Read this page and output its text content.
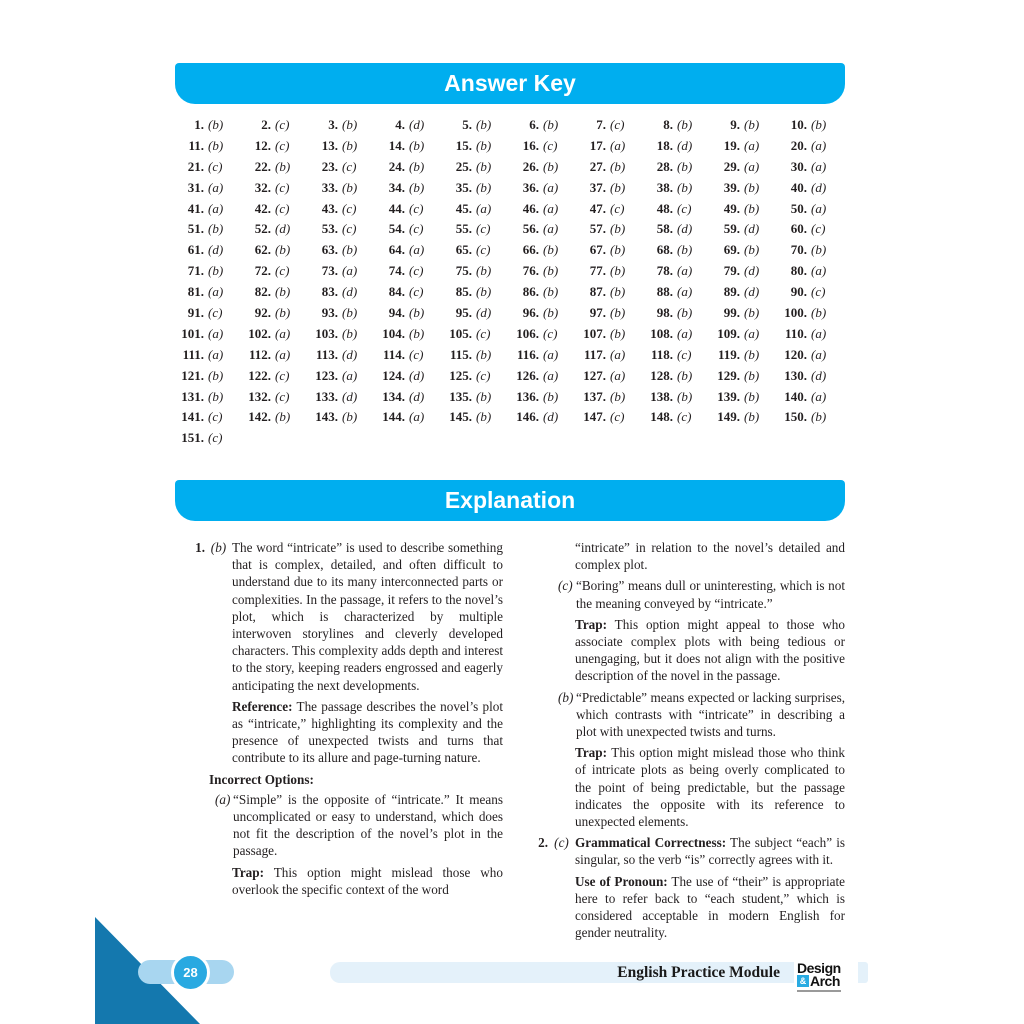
Answer Key
1. (b)	2. (c)	3. (b)	4. (d)	5. (b)	6. (b)	7. (c)	8. (b)	9. (b)	10. (b)
11. (b)	12. (c)	13. (b)	14. (b)	15. (b)	16. (c)	17. (a)	18. (d)	19. (a)	20. (a)
21. (c)	22. (b)	23. (c)	24. (b)	25. (b)	26. (b)	27. (b)	28. (b)	29. (a)	30. (a)
31. (a)	32. (c)	33. (b)	34. (b)	35. (b)	36. (a)	37. (b)	38. (b)	39. (b)	40. (d)
41. (a)	42. (c)	43. (c)	44. (c)	45. (a)	46. (a)	47. (c)	48. (c)	49. (b)	50. (a)
51. (b)	52. (d)	53. (c)	54. (c)	55. (c)	56. (a)	57. (b)	58. (d)	59. (d)	60. (c)
61. (d)	62. (b)	63. (b)	64. (a)	65. (c)	66. (b)	67. (b)	68. (b)	69. (b)	70. (b)
71. (b)	72. (c)	73. (a)	74. (c)	75. (b)	76. (b)	77. (b)	78. (a)	79. (d)	80. (a)
81. (a)	82. (b)	83. (d)	84. (c)	85. (b)	86. (b)	87. (b)	88. (a)	89. (d)	90. (c)
91. (c)	92. (b)	93. (b)	94. (b)	95. (d)	96. (b)	97. (b)	98. (b)	99. (b)	100. (b)
101. (a)	102. (a)	103. (b)	104. (b)	105. (c)	106. (c)	107. (b)	108. (a)	109. (a)	110. (a)
111. (a)	112. (a)	113. (d)	114. (c)	115. (b)	116. (a)	117. (a)	118. (c)	119. (b)	120. (a)
121. (b)	122. (c)	123. (a)	124. (d)	125. (c)	126. (a)	127. (a)	128. (b)	129. (b)	130. (d)
131. (b)	132. (c)	133. (d)	134. (d)	135. (b)	136. (b)	137. (b)	138. (b)	139. (b)	140. (a)
141. (c)	142. (b)	143. (b)	144. (a)	145. (b)	146. (d)	147. (c)	148. (c)	149. (b)	150. (b)
151. (c)
Explanation
1. (b) The word “intricate” is used to describe something that is complex, detailed, and often difficult to understand due to its many interconnected parts or complexities. In the passage, it refers to the novel’s plot, which is characterized by multiple interwoven storylines and cleverly developed characters. This complexity adds depth and interest to the story, keeping readers engrossed and eagerly anticipating the next developments.
Reference: The passage describes the novel’s plot as “intricate,” highlighting its complexity and the presence of unexpected twists and turns that contribute to its allure and page-turning nature.
Incorrect Options:
(a) “Simple” is the opposite of “intricate.” It means uncomplicated or easy to understand, which does not fit the description of the novel’s plot in the passage.
Trap: This option might mislead those who overlook the specific context of the word
“intricate” in relation to the novel’s detailed and complex plot.
(c) “Boring” means dull or uninteresting, which is not the meaning conveyed by “intricate.”
Trap: This option might appeal to those who associate complex plots with being tedious or unengaging, but it does not align with the positive description of the novel in the passage.
(b) “Predictable” means expected or lacking surprises, which contrasts with “intricate” in describing a plot with unexpected twists and turns.
Trap: This option might mislead those who think of intricate plots as being overly complicated to the point of being predictable, but the passage indicates the opposite with its reference to unexpected elements.
2. (c) Grammatical Correctness: The subject “each” is singular, so the verb “is” correctly agrees with it.
Use of Pronoun: The use of “their” is appropriate here to refer back to “each student,” which is considered acceptable in modern English for gender neutrality.
28	English Practice Module Design
& Arch
